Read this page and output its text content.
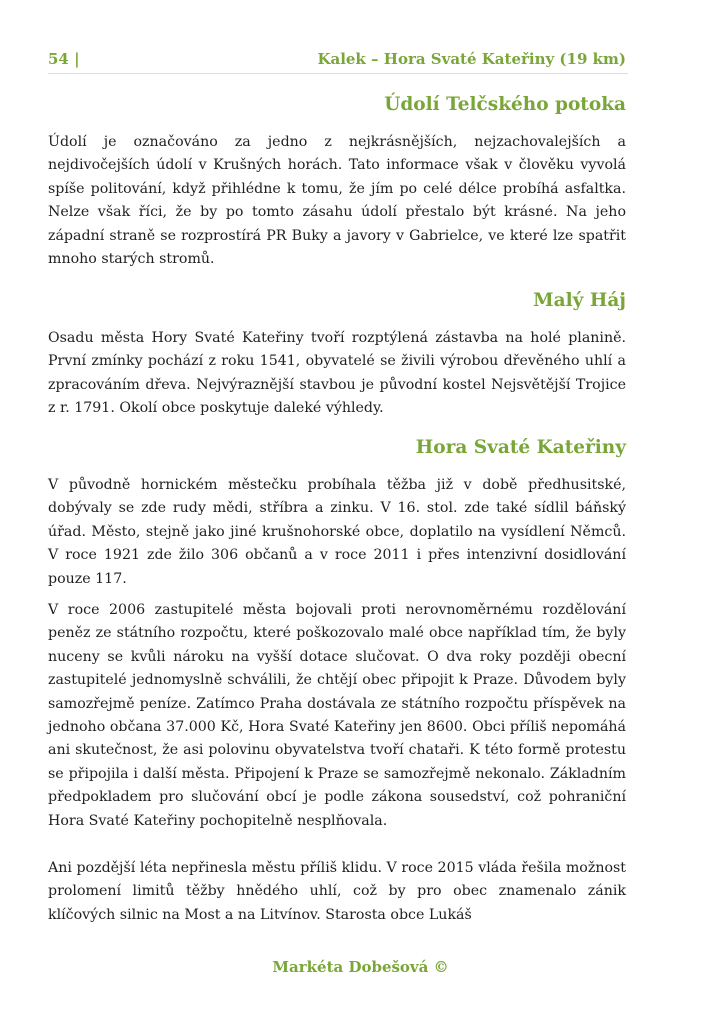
54 |	Kalek – Hora Svaté Kateřiny (19 km)
Údolí Telčského potoka

Údolí je označováno za jedno z nejkrásnějších, nejzachovalejších a nejdivočejších údolí v Krušných horách. Tato informace však v člověku vyvolá spíše politování, když přihlédne k tomu, že jím po celé délce probíhá asfaltka. Nelze však říci, že by po tomto zásahu údolí přestalo být krásné. Na jeho západní straně se rozprostírá PR Buky a javory v Gabrielce, ve které lze spatřit mnoho starých stromů.

Malý Háj

Osadu města Hory Svaté Kateřiny tvoří rozptýlená zástavba na holé planině. První zmínky pochází z roku 1541, obyvatelé se živili výrobou dřevěného uhlí a zpracováním dřeva. Nejvýraznější stavbou je původní kostel Nejsvětější Trojice z r. 1791. Okolí obce poskytuje daleké výhledy.

Hora Svaté Kateřiny

V původně hornickém městečku probíhala těžba již v době předhusitské, dobývaly se zde rudy mědi, stříbra a zinku. V 16. stol. zde také sídlil báňský úřad. Město, stejně jako jiné krušnohorské obce, doplatilo na vysídlení Němců. V roce 1921 zde žilo 306 občanů a v roce 2011 i přes intenzivní dosidlování pouze 117.

V roce 2006 zastupitelé města bojovali proti nerovnoměrnému rozdělování peněz ze státního rozpočtu, které poškozovalo malé obce například tím, že byly nuceny se kvůli nároku na vyšší dotace slučovat. O dva roky později obecní zastupitelé jednomyslně schválili, že chtějí obec připojit k Praze. Důvodem byly samozřejmě peníze. Zatímco Praha dostávala ze státního rozpočtu příspěvek na jednoho občana 37.000 Kč, Hora Svaté Kateřiny jen 8600. Obci příliš nepomáhá ani skutečnost, že asi polovinu obyvatelstva tvoří chataři. K této formě protestu se připojila i další města. Připojení k Praze se samozřejmě nekonalo. Základním předpokladem pro slučování obcí je podle zákona sousedství, což pohraniční Hora Svaté Kateřiny pochopitelně nesplňovala.

Ani pozdější léta nepřinesla městu příliš klidu. V roce 2015 vláda řešila možnost prolomení limitů těžby hnědého uhlí, což by pro obec znamenalo zánik klíčových silnic na Most a na Litvínov. Starosta obce Lukáš

Markéta Dobešová ©
